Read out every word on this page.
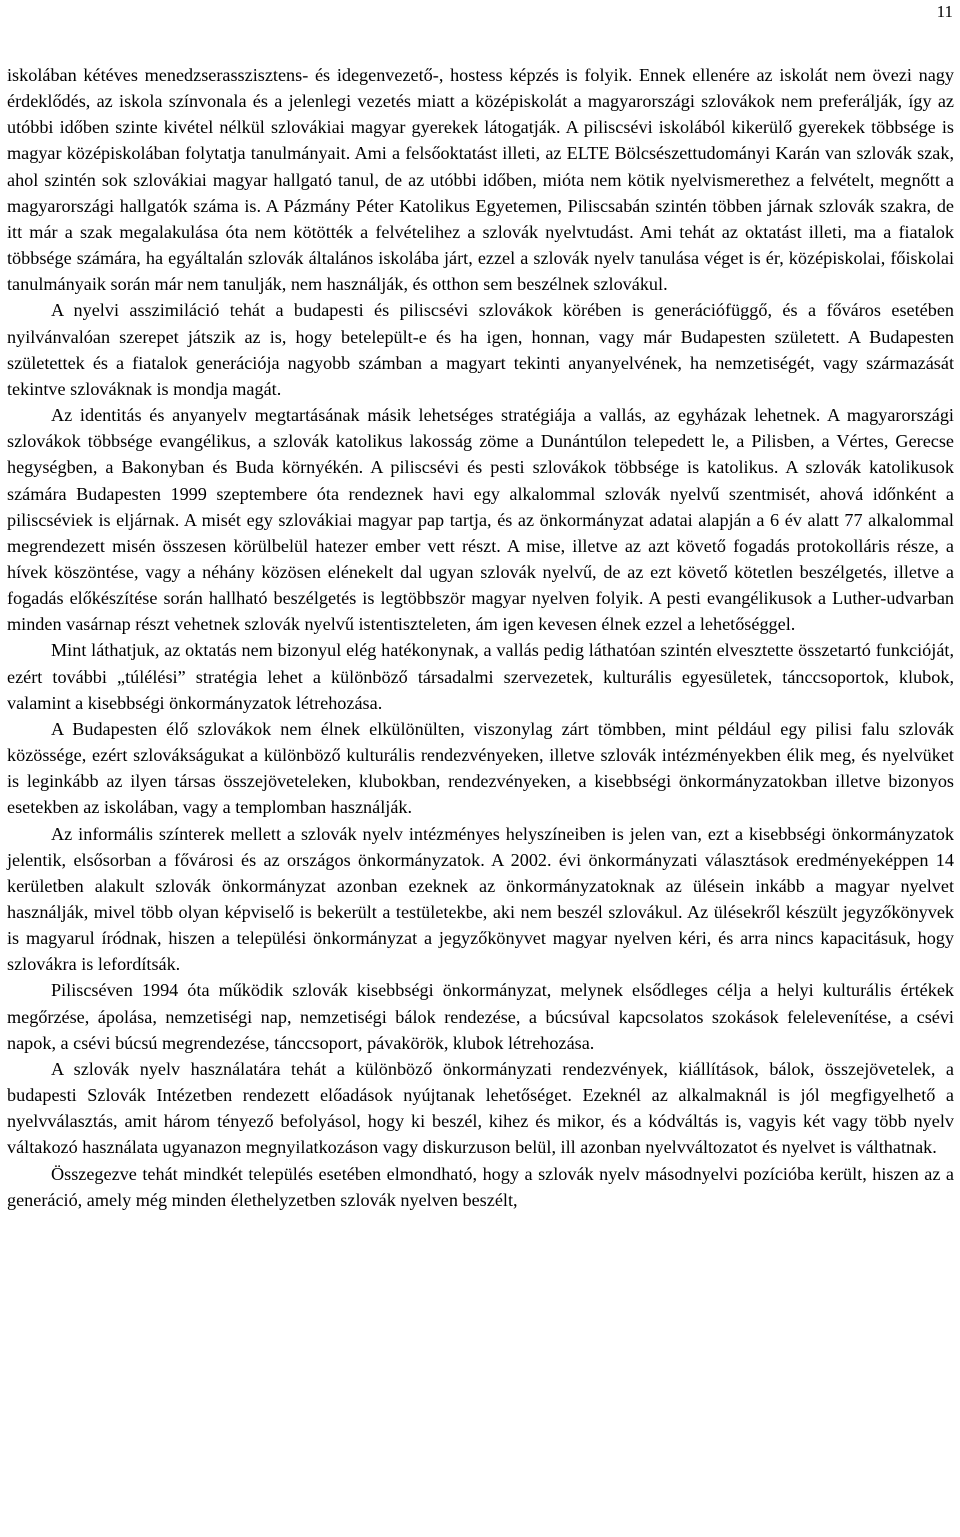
11

iskolában kétéves menedzserasszisztens- és idegenvezető-, hostess képzés is folyik. Ennek ellenére az iskolát nem övezi nagy érdeklődés, az iskola színvonala és a jelenlegi vezetés miatt a középiskolát a magyarországi szlovákok nem preferálják, így az utóbbi időben szinte kivétel nélkül szlovákiai magyar gyerekek látogatják. A piliscsévi iskolából kikerülő gyerekek többsége is magyar középiskolában folytatja tanulmányait. Ami a felsőoktatást illeti, az ELTE Bölcsészettudományi Karán van szlovák szak, ahol szintén sok szlovákiai magyar hallgató tanul, de az utóbbi időben, mióta nem kötik nyelvismerethez a felvételt, megnőtt a magyarországi hallgatók száma is. A Pázmány Péter Katolikus Egyetemen, Piliscsabán szintén többen járnak szlovák szakra, de itt már a szak megalakulása óta nem kötötték a felvételihez a szlovák nyelvtudást. Ami tehát az oktatást illeti, ma a fiatalok többsége számára, ha egyáltalán szlovák általános iskolába járt, ezzel a szlovák nyelv tanulása véget is ér, középiskolai, főiskolai tanulmányaik során már nem tanulják, nem használják, és otthon sem beszélnek szlovákul.

A nyelvi asszimiláció tehát a budapesti és piliscsévi szlovákok körében is generációfüggő, és a főváros esetében nyilvánvalóan szerepet játszik az is, hogy betelepült-e és ha igen, honnan, vagy már Budapesten született. A Budapesten születettek és a fiatalok generációja nagyobb számban a magyart tekinti anyanyelvének, ha nemzetiségét, vagy származását tekintve szlováknak is mondja magát.

Az identitás és anyanyelv megtartásának másik lehetséges stratégiája a vallás, az egyházak lehetnek. A magyarországi szlovákok többsége evangélikus, a szlovák katolikus lakosság zöme a Dunántúlon telepedett le, a Pilisben, a Vértes, Gerecse hegységben, a Bakonyban és Buda környékén. A piliscsévi és pesti szlovákok többsége is katolikus. A szlovák katolikusok számára Budapesten 1999 szeptembere óta rendeznek havi egy alkalommal szlovák nyelvű szentmisét, ahová időnként a piliscséviek is eljárnak. A misét egy szlovákiai magyar pap tartja, és az önkormányzat adatai alapján a 6 év alatt 77 alkalommal megrendezett misén összesen körülbelül hatezer ember vett részt. A mise, illetve az azt követő fogadás protokolláris része, a hívek köszöntése, vagy a néhány közösen elénekelt dal ugyan szlovák nyelvű, de az ezt követő kötetlen beszélgetés, illetve a fogadás előkészítése során hallható beszélgetés is legtöbbször magyar nyelven folyik. A pesti evangélikusok a Luther-udvarban minden vasárnap részt vehetnek szlovák nyelvű istentiszteleten, ám igen kevesen élnek ezzel a lehetőséggel.

Mint láthatjuk, az oktatás nem bizonyul elég hatékonynak, a vallás pedig láthatóan szintén elvesztette összetartó funkcióját, ezért további „túlélési” stratégia lehet a különböző társadalmi szervezetek, kulturális egyesületek, tánccsoportok, klubok, valamint a kisebbségi önkormányzatok létrehozása.

A Budapesten élő szlovákok nem élnek elkülönülten, viszonylag zárt tömbben, mint például egy pilisi falu szlovák közössége, ezért szlovákságukat a különböző kulturális rendezvényeken, illetve szlovák intézményekben élik meg, és nyelvüket is leginkább az ilyen társas összejöveteleken, klubokban, rendezvényeken, a kisebbségi önkormányzatokban illetve bizonyos esetekben az iskolában, vagy a templomban használják.

Az informális színterek mellett a szlovák nyelv intézményes helyszíneiben is jelen van, ezt a kisebbségi önkormányzatok jelentik, elsősorban a fővárosi és az országos önkormányzatok. A 2002. évi önkormányzati választások eredményeképpen 14 kerületben alakult szlovák önkormányzat azonban ezeknek az önkormányzatoknak az ülésein inkább a magyar nyelvet használják, mivel több olyan képviselő is bekerült a testületekbe, aki nem beszél szlovákul. Az ülésekről készült jegyzőkönyvek is magyarul íródnak, hiszen a települési önkormányzat a jegyzőkönyvet magyar nyelven kéri, és arra nincs kapacitásuk, hogy szlovákra is lefordítsák.

Piliscséven 1994 óta működik szlovák kisebbségi önkormányzat, melynek elsődleges célja a helyi kulturális értékek megőrzése, ápolása, nemzetiségi nap, nemzetiségi bálok rendezése, a búcsúval kapcsolatos szokások felelevenítése, a csévi napok, a csévi búcsú megrendezése, tánccsoport, pávakörök, klubok létrehozása.

A szlovák nyelv használatára tehát a különböző önkormányzati rendezvények, kiállítások, bálok, összejövetelek, a budapesti Szlovák Intézetben rendezett előadások nyújtanak lehetőséget. Ezeknél az alkalmaknál is jól megfigyelhető a nyelvválasztás, amit három tényező befolyásol, hogy ki beszél, kihez és mikor, és a kódváltás is, vagyis két vagy több nyelv váltakozó használata ugyanazon megnyilatkozáson vagy diskurzuson belül, ill azonban nyelvváltozatot és nyelvet is válthatnak.

Összegezve tehát mindkét település esetében elmondható, hogy a szlovák nyelv másodnyelvi pozícióba került, hiszen az a generáció, amely még minden élethelyzetben szlovák nyelven beszélt,
